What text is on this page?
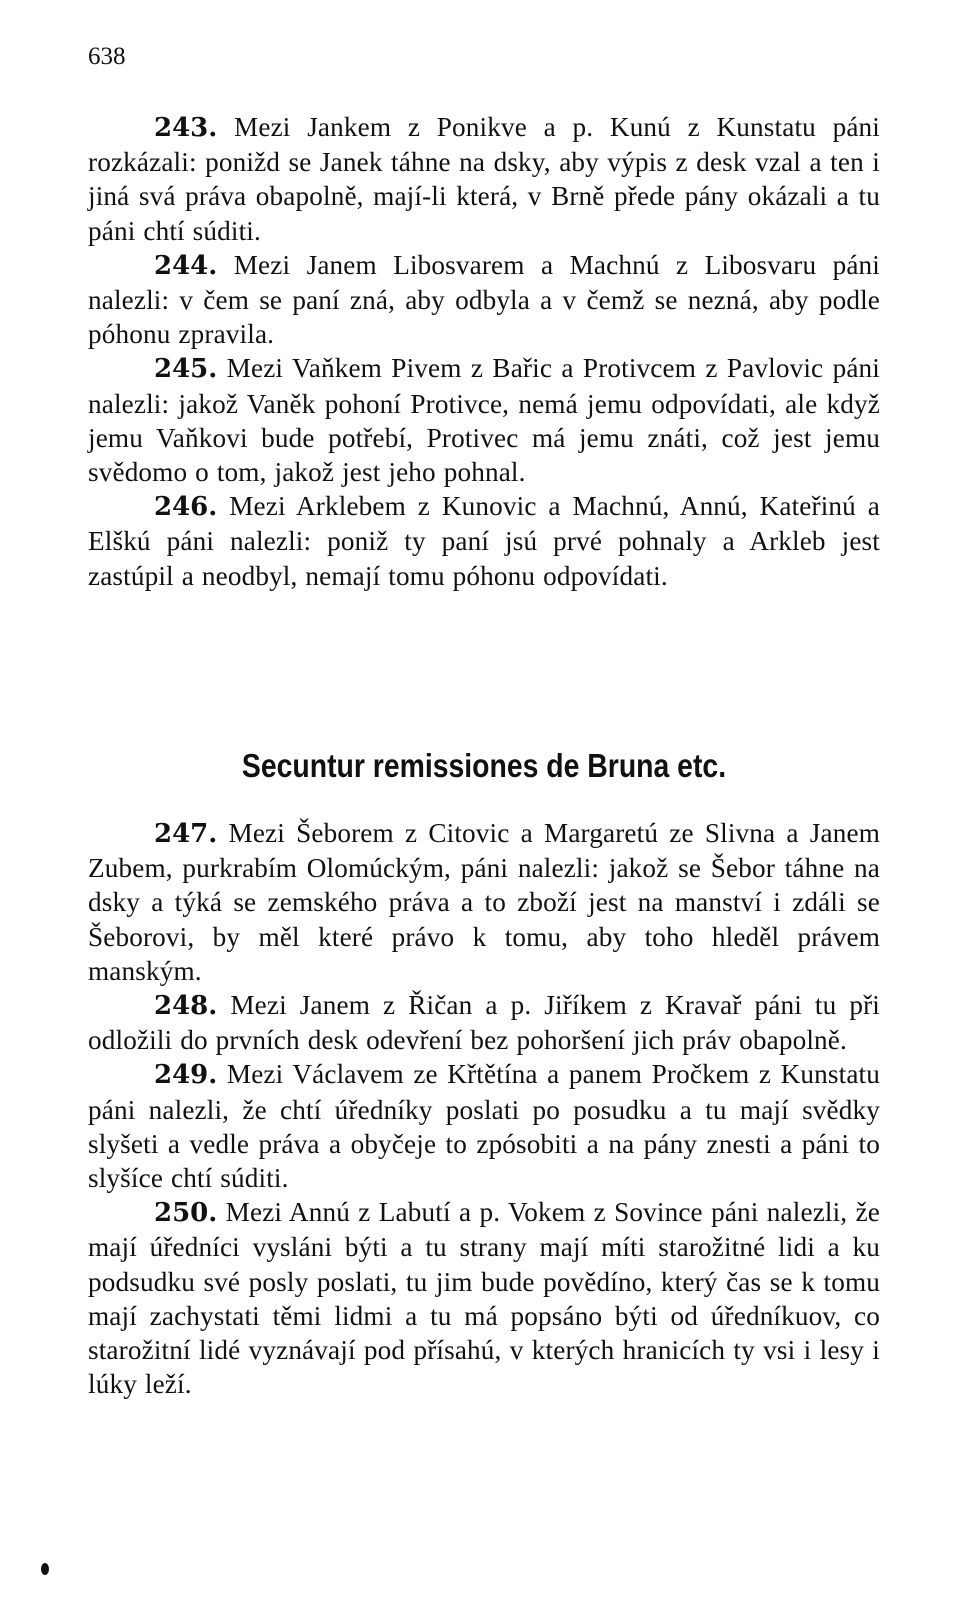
638

243. Mezi Jankem z Ponikve a p. Kunú z Kunstatu páni rozkázali: ponižd se Janek táhne na dsky, aby výpis z desk vzal a ten i jiná svá práva obapolně, mají-li která, v Brně přede pány okázali a tu páni chtí súditi.

244. Mezi Janem Libosvarem a Machnú z Libosvaru páni nalezli: v čem se paní zná, aby odbyla a v čemž se nezná, aby podle póhonu zpravila.

245. Mezi Vaňkem Pivem z Bařic a Protivcem z Pavlovic páni nalezli: jakož Vaněk pohoní Protivce, nemá jemu odpovídati, ale když jemu Vaňkovi bude potřebí, Protivec má jemu znáti, což jest jemu svědomo o tom, jakož jest jeho pohnal.

246. Mezi Arklebem z Kunovic a Machnú, Annú, Kateřinú a Elškú páni nalezli: poniž ty paní jsú prvé pohnaly a Arkleb jest zastúpil a neodbyl, nemají tomu póhonu odpovídati.

Secuntur remissiones de Bruna etc.

247. Mezi Šeborem z Citovic a Margaretú ze Slivna a Janem Zubem, purkrabím Olomúckým, páni nalezli: jakož se Šebor táhne na dsky a týká se zemského práva a to zboží jest na manství i zdáli se Šeborovi, by měl které právo k tomu, aby toho hleděl právem manským.

248. Mezi Janem z Řičan a p. Jiříkem z Kravař páni tu při odložili do prvních desk odevření bez pohoršení jich práv obapolně.

249. Mezi Václavem ze Křtětína a panem Pročkem z Kunstatu páni nalezli, že chtí úředníky poslati po posudku a tu mají svědky slyšeti a vedle práva a obyčeje to zpósobiti a na pány znesti a páni to slyšíce chtí súditi.

250. Mezi Annú z Labutí a p. Vokem z Sovince páni nalezli, že mají úředníci vysláni býti a tu strany mají míti starožitné lidi a ku podsudku své posly poslati, tu jim bude povědíno, který čas se k tomu mají zachystati těmi lidmi a tu má popsáno býti od úředníkuov, co starožitní lidé vyznávají pod přísahú, v kterých hranicích ty vsi i lesy i lúky leží.
